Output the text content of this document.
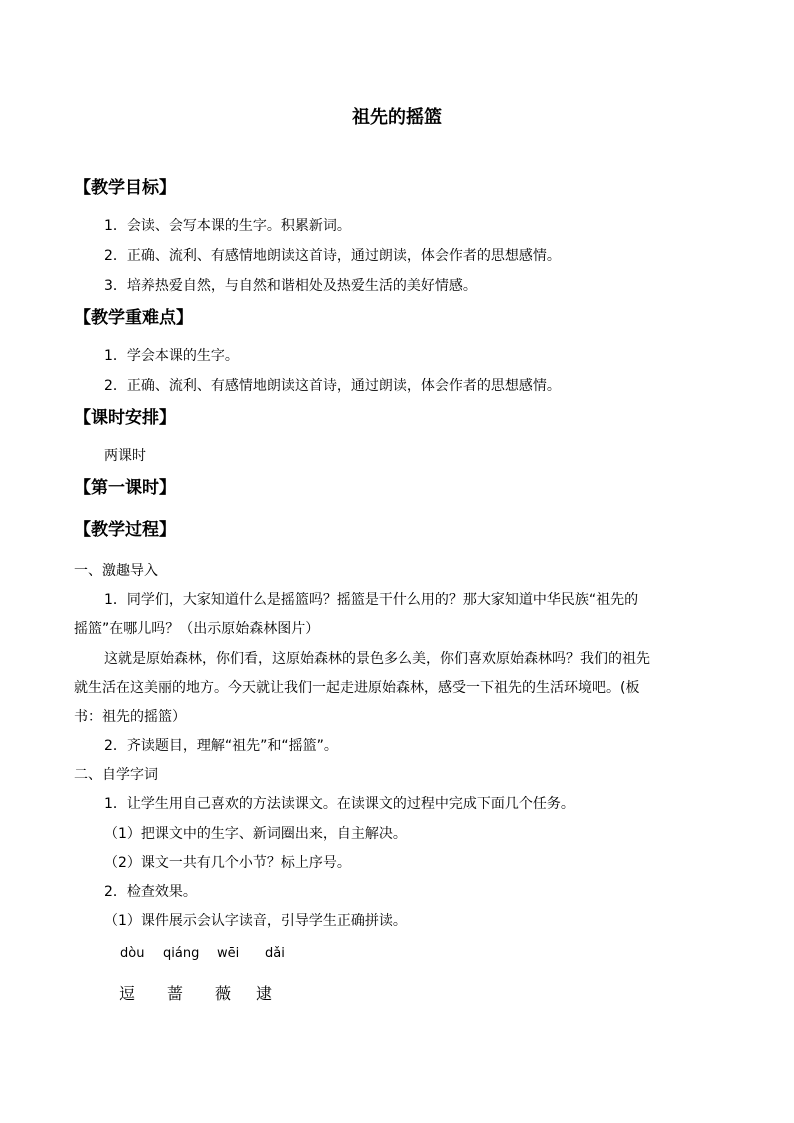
祖先的摇篮
【教学目标】
1．会读、会写本课的生字。积累新词。
2．正确、流利、有感情地朗读这首诗，通过朗读，体会作者的思想感情。
3．培养热爱自然，与自然和谐相处及热爱生活的美好情感。
【教学重难点】
1．学会本课的生字。
2．正确、流利、有感情地朗读这首诗，通过朗读，体会作者的思想感情。
【课时安排】
两课时
【第一课时】
【教学过程】
一、激趣导入
1．同学们，大家知道什么是摇篮吗？摇篮是干什么用的？那大家知道中华民族“祖先的
摇篮”在哪儿吗？（出示原始森林图片）
这就是原始森林，你们看，这原始森林的景色多么美，你们喜欢原始森林吗？我们的祖先
就生活在这美丽的地方。今天就让我们一起走进原始森林，感受一下祖先的生活环境吧。(板
书：祖先的摇篮）
2．齐读题目，理解“祖先”和“摇篮”。
二、自学字词
1．让学生用自己喜欢的方法读课文。在读课文的过程中完成下面几个任务。
（1）把课文中的生字、新词圈出来，自主解决。
（2）课文一共有几个小节？标上序号。
2．检查效果。
（1）课件展示会认字读音，引导学生正确拼读。
dòu qiáng wēi dǎi
逗 蔷 薇 逮
